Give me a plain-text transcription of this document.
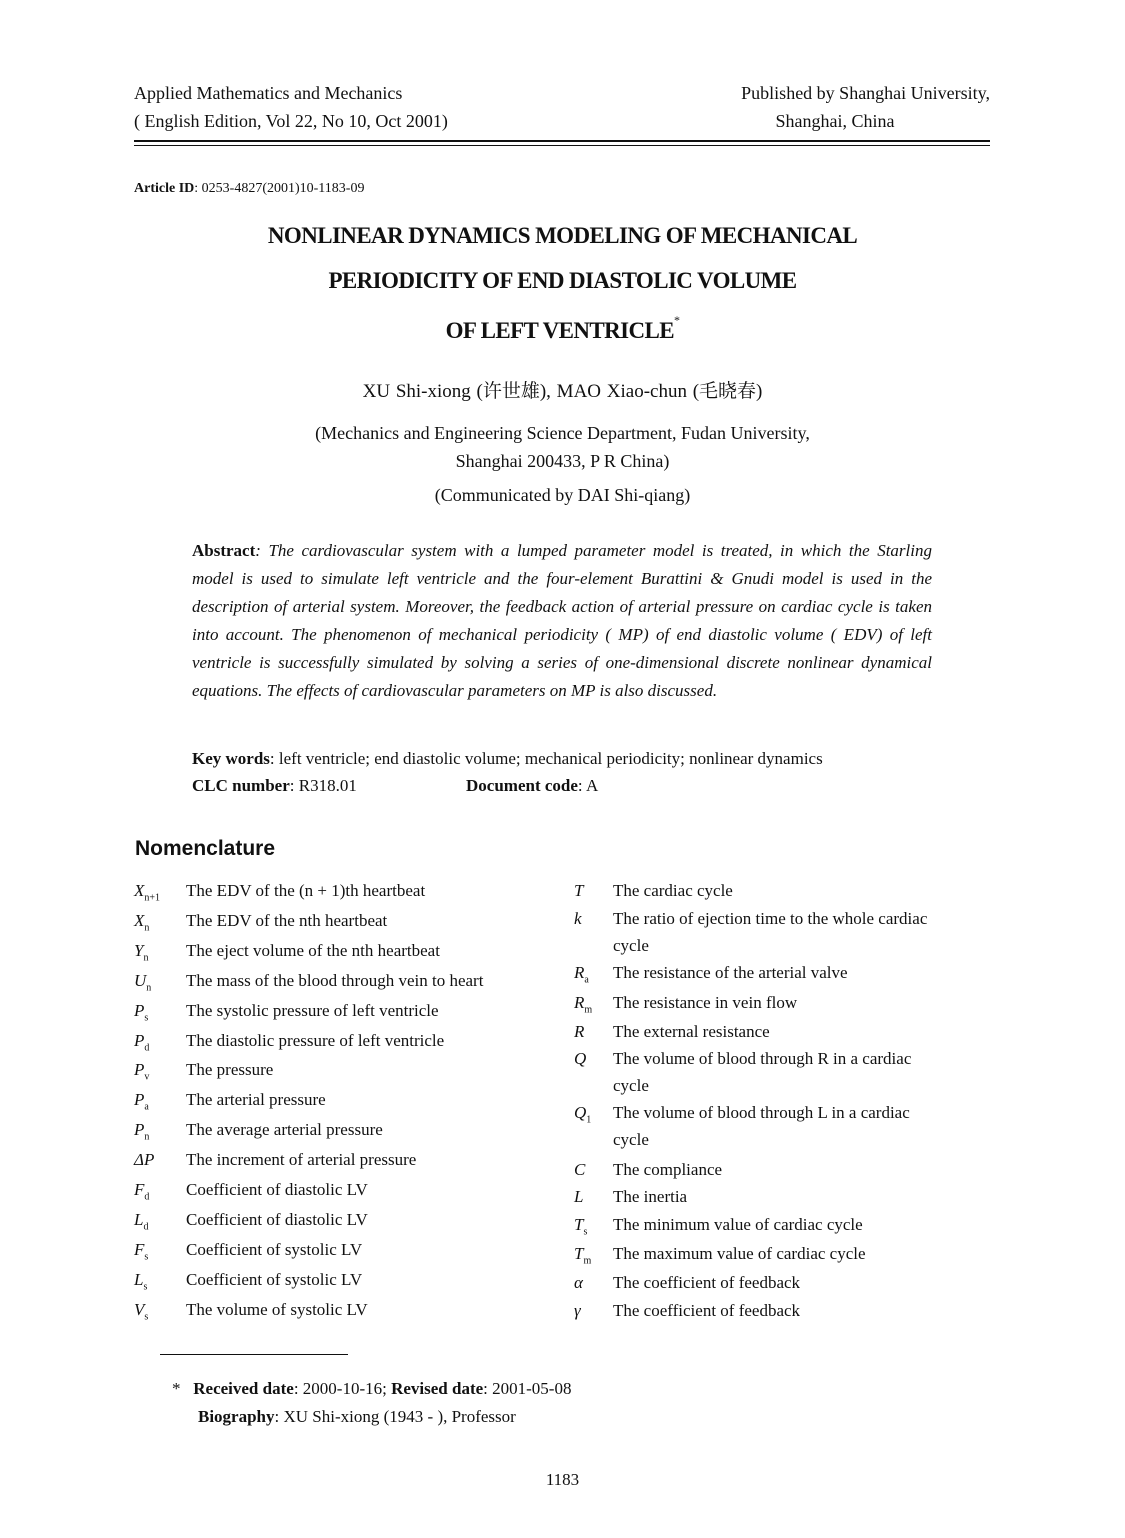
Applied Mathematics and Mechanics
( English Edition, Vol 22, No 10, Oct 2001)
Published by Shanghai University,
Shanghai, China
Article ID: 0253-4827(2001)10-1183-09
NONLINEAR DYNAMICS MODELING OF MECHANICAL
PERIODICITY OF END DIASTOLIC VOLUME
OF LEFT VENTRICLE*
XU Shi-xiong (许世雄), MAO Xiao-chun (毛晓春)
(Mechanics and Engineering Science Department, Fudan University,
Shanghai 200433, P R China)
(Communicated by DAI Shi-qiang)
Abstract: The cardiovascular system with a lumped parameter model is treated, in which the Starling model is used to simulate left ventricle and the four-element Burattini & Gnudi model is used in the description of arterial system. Moreover, the feedback action of arterial pressure on cardiac cycle is taken into account. The phenomenon of mechanical periodicity ( MP) of end diastolic volume ( EDV) of left ventricle is successfully simulated by solving a series of one-dimensional discrete nonlinear dynamical equations. The effects of cardiovascular parameters on MP is also discussed.
Key words: left ventricle; end diastolic volume; mechanical periodicity; nonlinear dynamics
CLC number: R318.01	Document code: A
Nomenclature
$X_{n+1}$ The EDV of the (n + 1)th heartbeat
$X_n$ The EDV of the nth heartbeat
$Y_n$ The eject volume of the nth heartbeat
$U_n$ The mass of the blood through vein to heart
$P_s$ The systolic pressure of left ventricle
$P_d$ The diastolic pressure of left ventricle
$P_v$ The pressure
$P_a$ The arterial pressure
$P_n$ The average arterial pressure
ΔP The increment of arterial pressure
$F_d$ Coefficient of diastolic LV
$L_d$ Coefficient of diastolic LV
$F_s$ Coefficient of systolic LV
$L_s$ Coefficient of systolic LV
$V_s$ The volume of systolic LV
T The cardiac cycle
k The ratio of ejection time to the whole cardiac
cycle
$R_a$ The resistance of the arterial valve
$R_m$ The resistance in vein flow
R The external resistance
Q The volume of blood through R in a cardiac
cycle
$Q_1$ The volume of blood through L in a cardiac
cycle
C The compliance
L The inertia
$T_s$ The minimum value of cardiac cycle
$T_m$ The maximum value of cardiac cycle
α The coefficient of feedback
γ The coefficient of feedback
* Received date: 2000-10-16; Revised date: 2001-05-08
Biography: XU Shi-xiong (1943 - ), Professor
1183
